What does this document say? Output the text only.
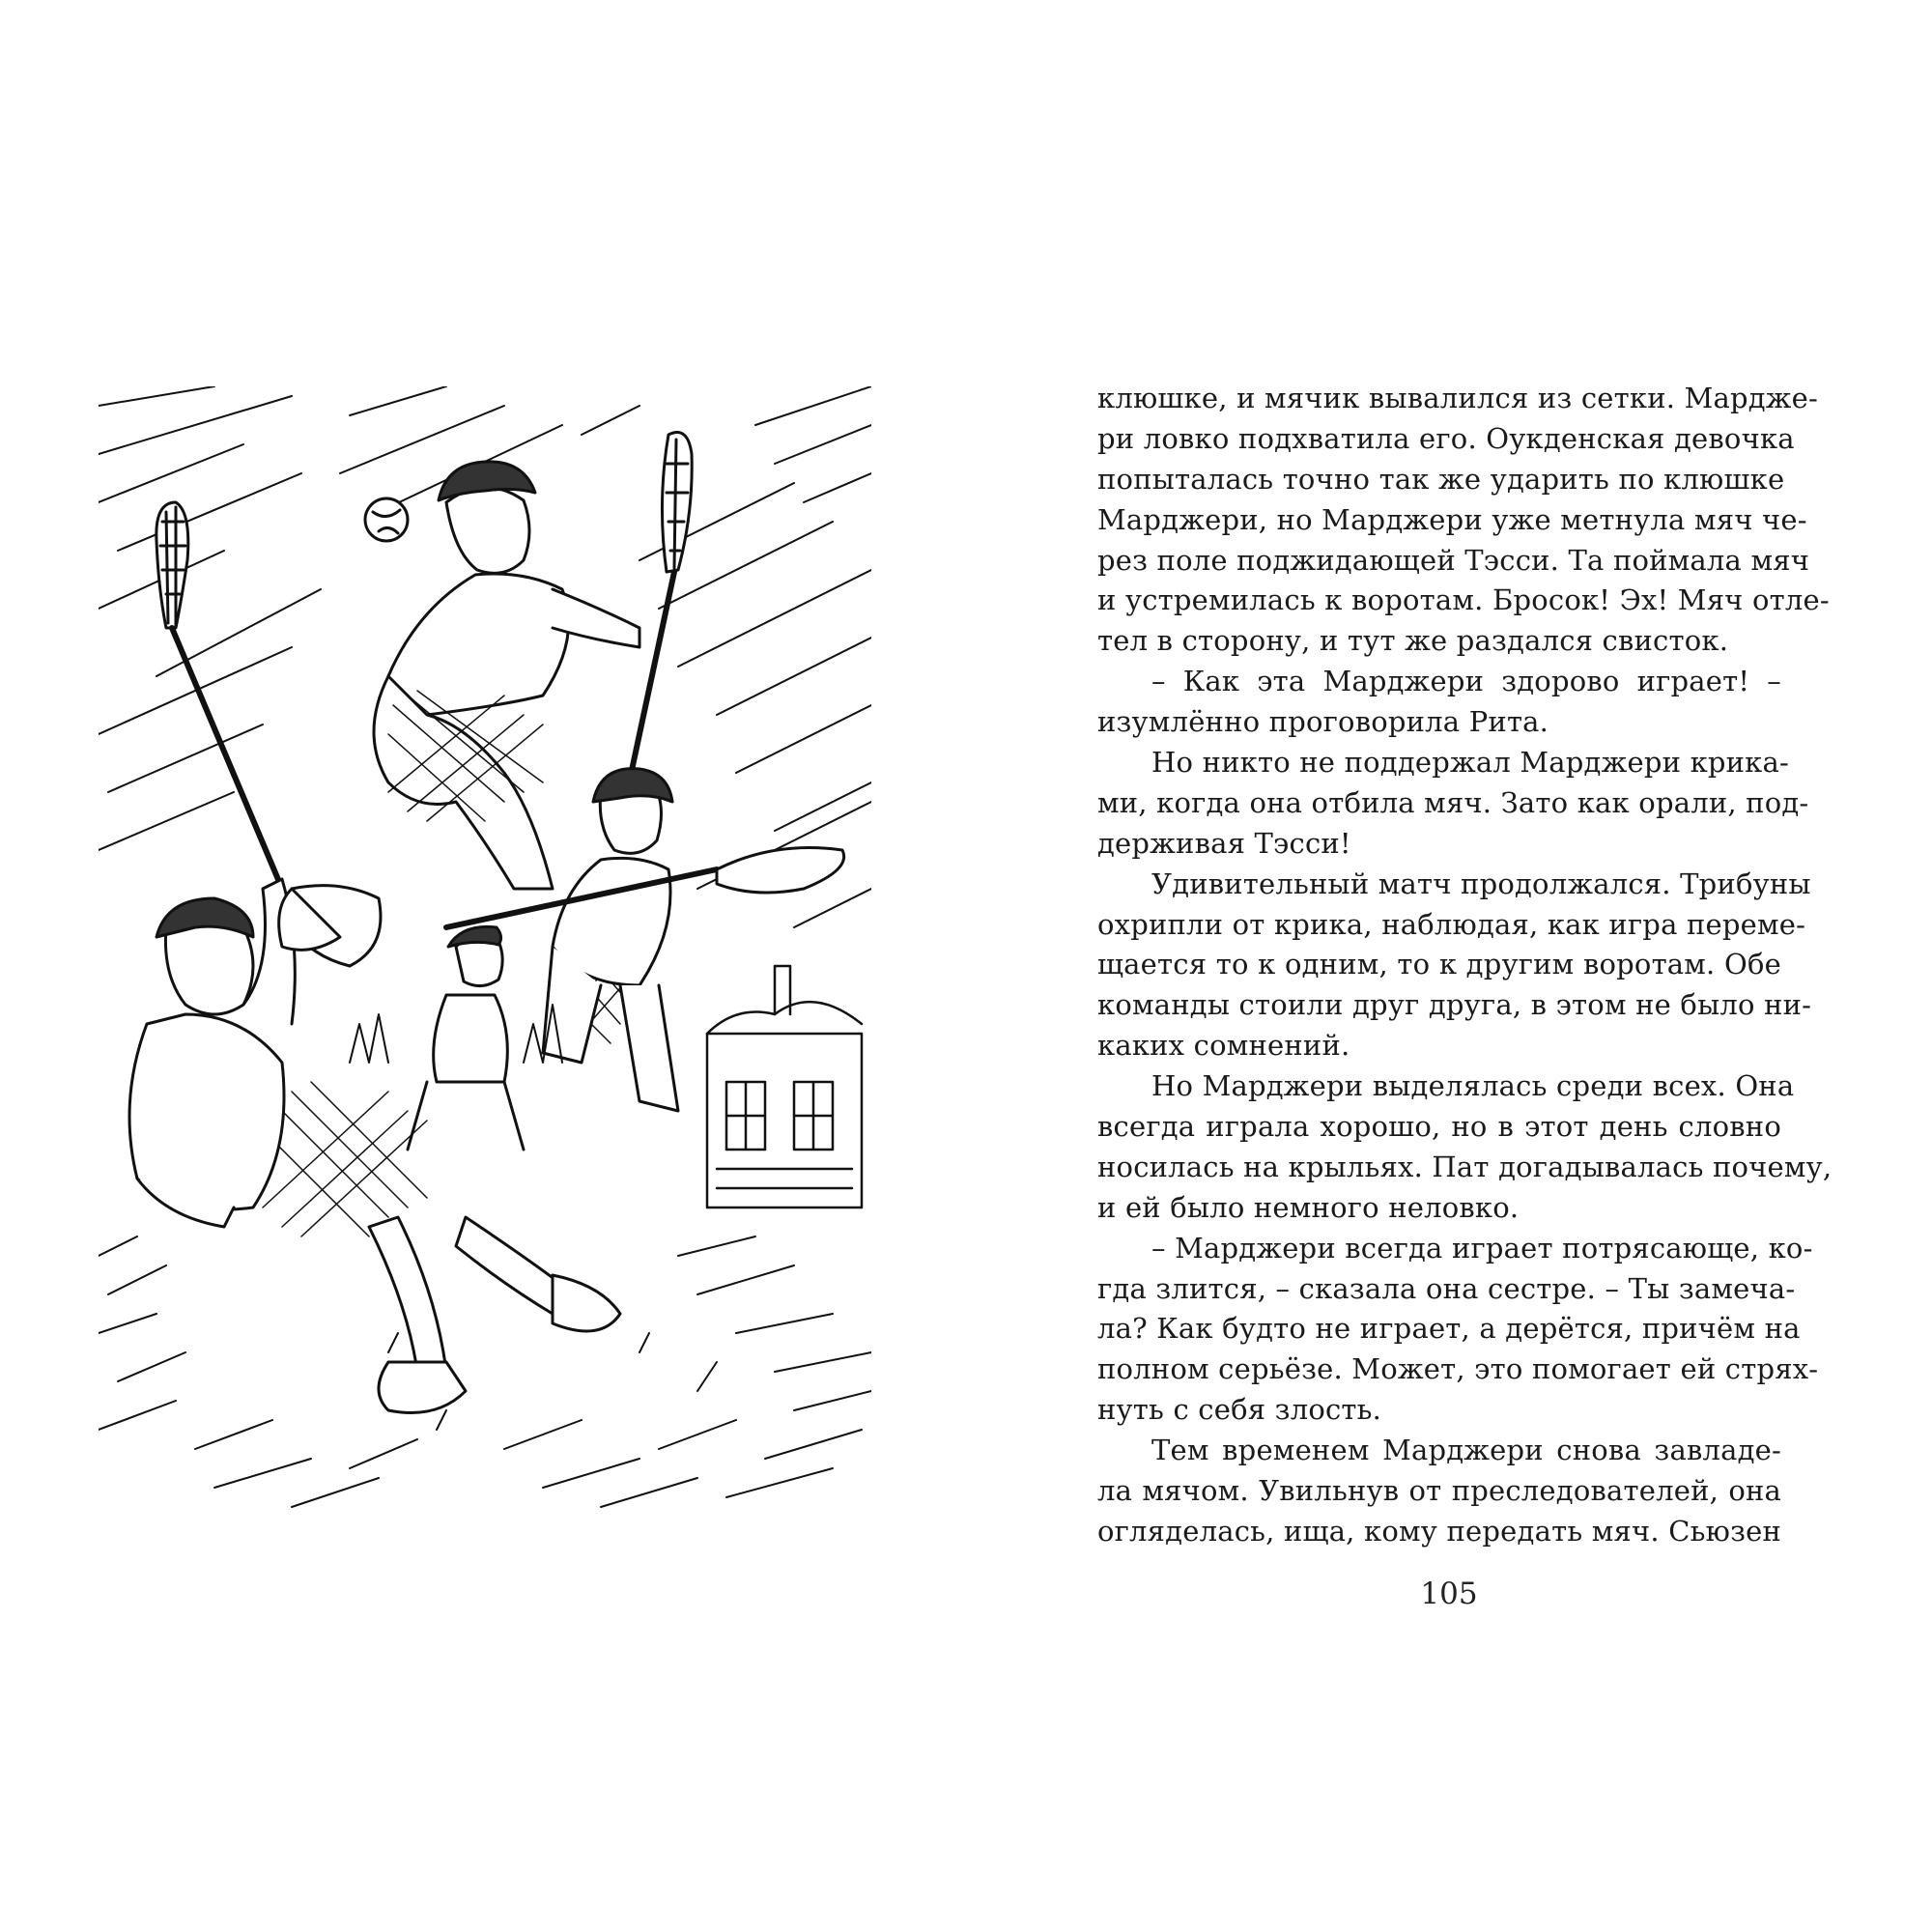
клюшке, и мячик вывалился из сетки. Марджe-
ри ловко подхватила его. Оукденская девочка
попыталась точно так же ударить по клюшке
Марджери, но Марджери уже метнула мяч че-
рез поле поджидающей Тэсси. Та поймала мяч
и устремилась к воротам. Бросок! Эх! Мяч отле-
тел в сторону, и тут же раздался свисток.
– Как эта Марджери здорово играет! –
изумлённо проговорила Рита.
Но никто не поддержал Марджери крика-
ми, когда она отбила мяч. Зато как орали, под-
держивая Тэсси!
Удивительный матч продолжался. Трибуны
охрипли от крика, наблюдая, как игра переме-
щается то к одним, то к другим воротам. Обе
команды стоили друг друга, в этом не было ни-
каких сомнений.
Но Марджери выделялась среди всех. Она
всегда играла хорошо, но в этот день словно
носилась на крыльях. Пат догадывалась почему,
и ей было немного неловко.
– Марджери всегда играет потрясающе, ко-
гда злится, – сказала она сестре. – Ты замеча-
ла? Как будто не играет, а дерётся, причём на
полном серьёзе. Может, это помогает ей стрях-
нуть с себя злость.
Тем временем Марджери снова завладе-
ла мячом. Увильнув от преследователей, она
огляделась, ища, кому передать мяч. Сьюзен
105
